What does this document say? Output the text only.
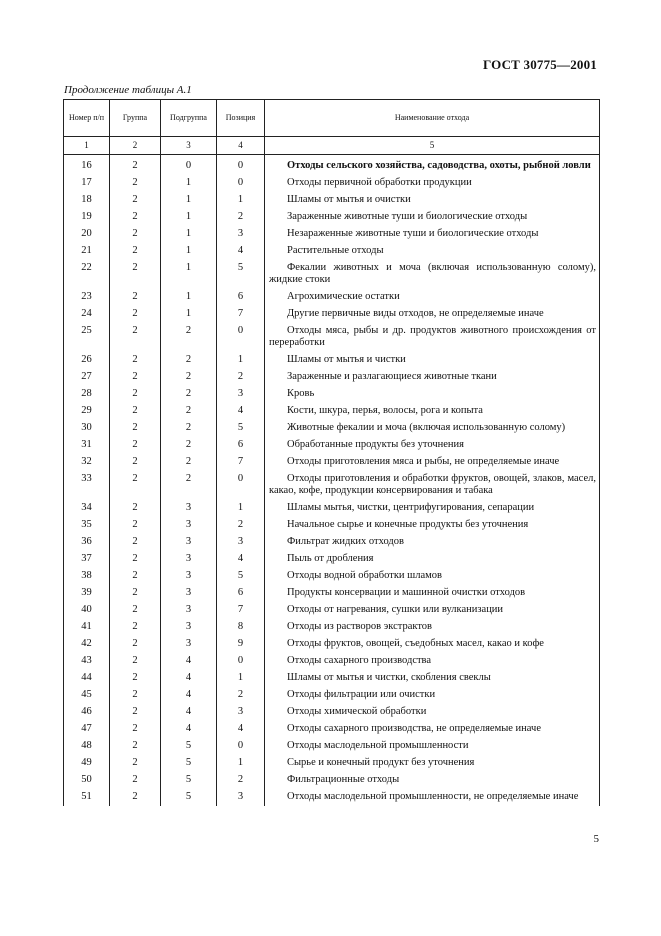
ГОСТ 30775—2001
Продолжение таблицы А.1
Номер п/п	Группа	Подгруппа	Позиция	Наименование отхода
1	2	3	4	5
16	2	0	0	Отходы сельского хозяйства, садоводства, охоты, рыбной ловли
17	2	1	0	Отходы первичной обработки продукции
18	2	1	1	Шламы от мытья и очистки
19	2	1	2	Зараженные животные туши и биологические отходы
20	2	1	3	Незараженные животные туши и биологические отходы
21	2	1	4	Растительные отходы
22	2	1	5	Фекалии животных и моча (включая использованную солому), жидкие стоки
23	2	1	6	Агрохимические остатки
24	2	1	7	Другие первичные виды отходов, не определяемые иначе
25	2	2	0	Отходы мяса, рыбы и др. продуктов животного происхождения от переработки
26	2	2	1	Шламы от мытья и чистки
27	2	2	2	Зараженные и разлагающиеся животные ткани
28	2	2	3	Кровь
29	2	2	4	Кости, шкура, перья, волосы, рога и копыта
30	2	2	5	Животные фекалии и моча (включая использованную солому)
31	2	2	6	Обработанные продукты без уточнения
32	2	2	7	Отходы приготовления мяса и рыбы, не определяемые иначе
33	2	2	0	Отходы приготовления и обработки фруктов, овощей, злаков, масел, какао, кофе, продукции консервирования и табака
34	2	3	1	Шламы мытья, чистки, центрифугирования, сепарации
35	2	3	2	Начальное сырье и конечные продукты без уточнения
36	2	3	3	Фильтрат жидких отходов
37	2	3	4	Пыль от дробления
38	2	3	5	Отходы водной обработки шламов
39	2	3	6	Продукты консервации и машинной очистки отходов
40	2	3	7	Отходы от нагревания, сушки или вулканизации
41	2	3	8	Отходы из растворов экстрактов
42	2	3	9	Отходы фруктов, овощей, съедобных масел, какао и кофе
43	2	4	0	Отходы сахарного производства
44	2	4	1	Шламы от мытья и чистки, скобления свеклы
45	2	4	2	Отходы фильтрации или очистки
46	2	4	3	Отходы химической обработки
47	2	4	4	Отходы сахарного производства, не определяемые иначе
48	2	5	0	Отходы маслодельной промышленности
49	2	5	1	Сырье и конечный продукт без уточнения
50	2	5	2	Фильтрационные отходы
51	2	5	3	Отходы маслодельной промышленности, не определяемые иначе
5
